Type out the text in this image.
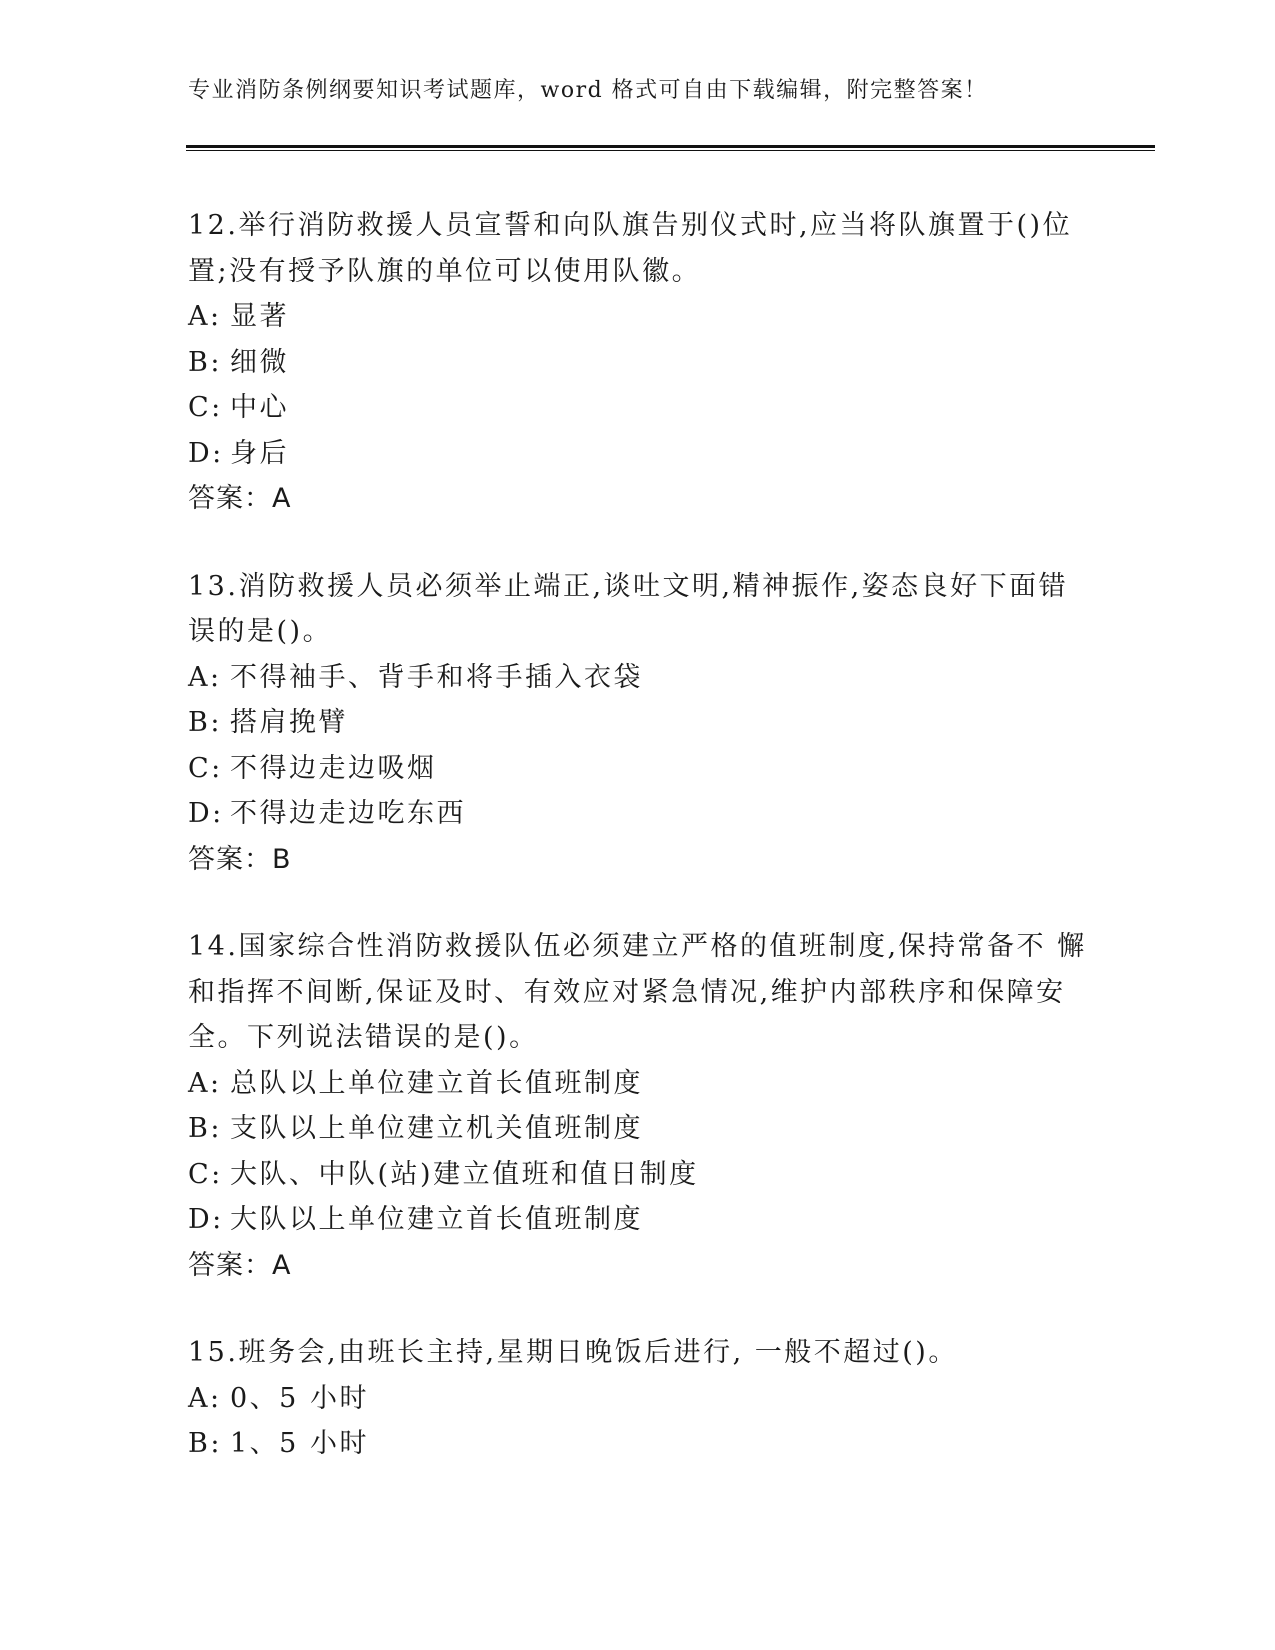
专业消防条例纲要知识考试题库，word 格式可自由下载编辑，附完整答案！

12.举行消防救援人员宣誓和向队旗告别仪式时,应当将队旗置于()位置;没有授予队旗的单位可以使用队徽。

A: 显著
B: 细微
C: 中心
D: 身后
答案：A

13.消防救援人员必须举止端正,谈吐文明,精神振作,姿态良好下面错误的是()。

A: 不得袖手、背手和将手插入衣袋
B: 搭肩挽臂
C: 不得边走边吸烟
D: 不得边走边吃东西
答案：B

14.国家综合性消防救援队伍必须建立严格的值班制度,保持常备不 懈和指挥不间断,保证及时、有效应对紧急情况,维护内部秩序和保障安全。下列说法错误的是()。

A: 总队以上单位建立首长值班制度
B: 支队以上单位建立机关值班制度
C: 大队、中队(站)建立值班和值日制度
D: 大队以上单位建立首长值班制度
答案：A

15.班务会,由班长主持,星期日晚饭后进行, 一般不超过()。

A: 0、5 小时
B: 1、5 小时
